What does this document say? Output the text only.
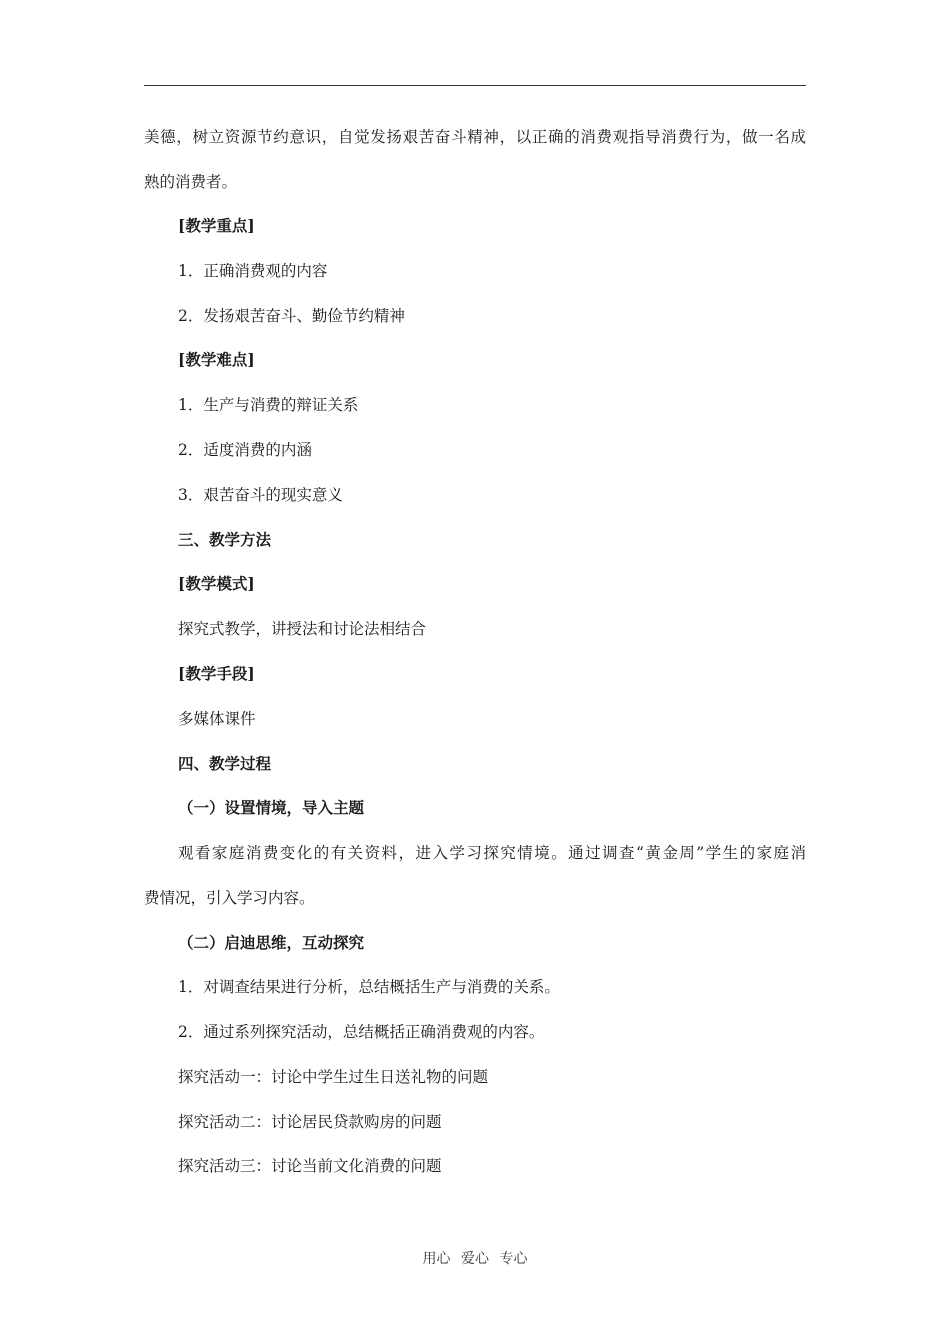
美德，树立资源节约意识，自觉发扬艰苦奋斗精神，以正确的消费观指导消费行为，做一名成
熟的消费者。
[教学重点]
1．正确消费观的内容
2．发扬艰苦奋斗、勤俭节约精神
[教学难点]
1．生产与消费的辩证关系
2．适度消费的内涵
3．艰苦奋斗的现实意义
三、教学方法
[教学模式]
探究式教学，讲授法和讨论法相结合
[教学手段]
多媒体课件
四、教学过程
（一）设置情境，导入主题
观看家庭消费变化的有关资料，进入学习探究情境。通过调查“黄金周”学生的家庭消
费情况，引入学习内容。
（二）启迪思维，互动探究
1．对调查结果进行分析，总结概括生产与消费的关系。
2．通过系列探究活动，总结概括正确消费观的内容。
探究活动一：讨论中学生过生日送礼物的问题
探究活动二：讨论居民贷款购房的问题
探究活动三：讨论当前文化消费的问题
用心 爱心 专心
